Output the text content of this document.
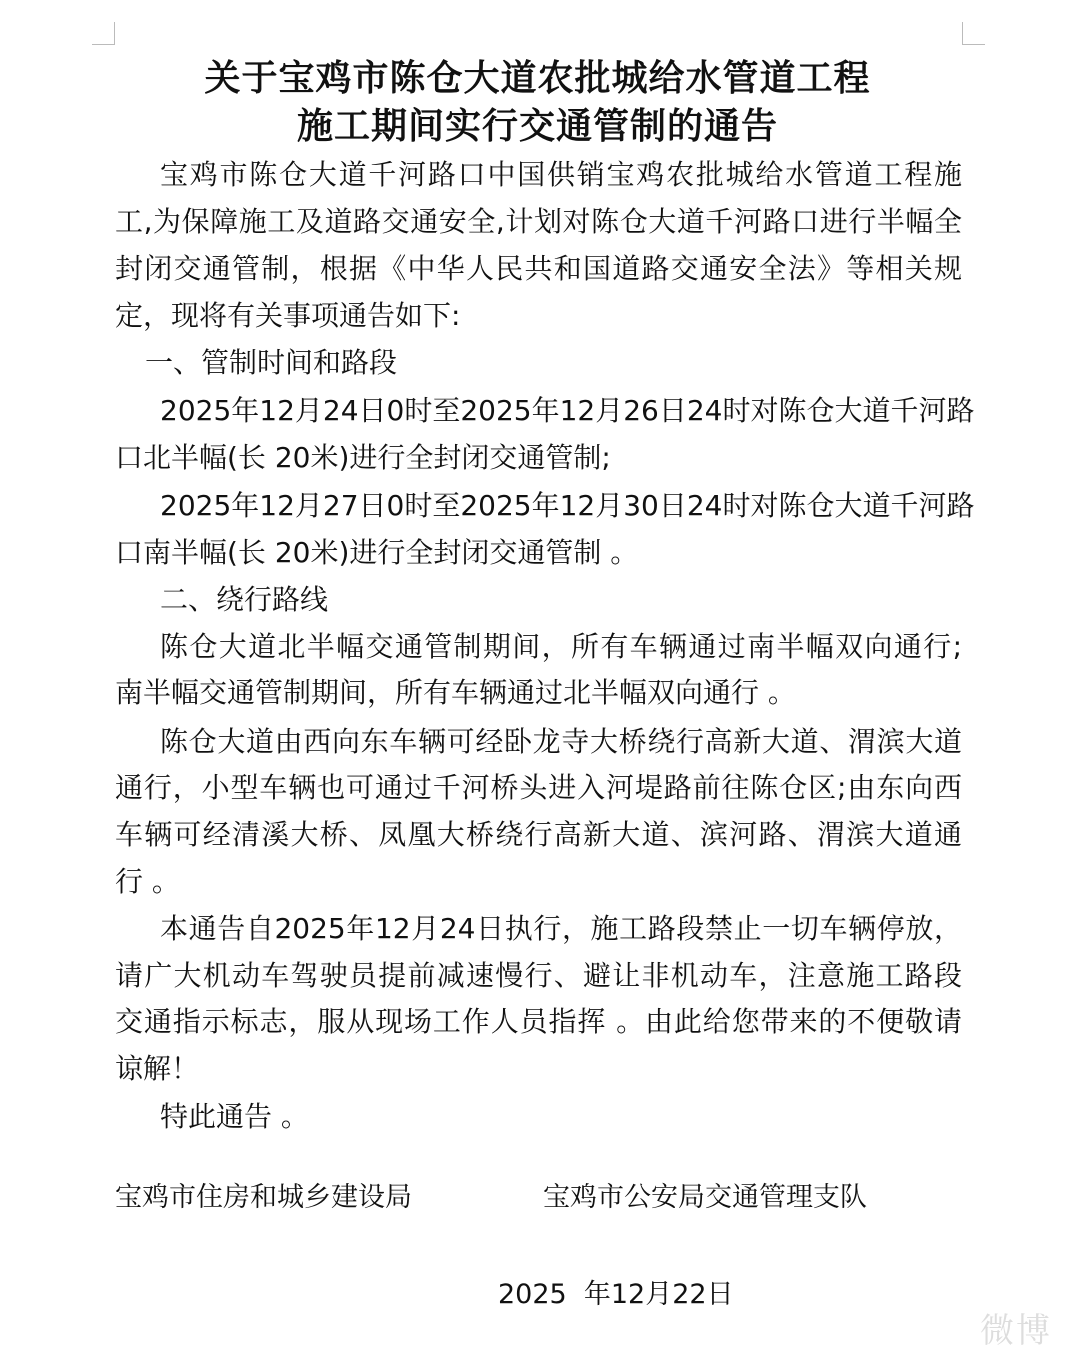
关于宝鸡市陈仓大道农批城给水管道工程
施工期间实行交通管制的通告
宝鸡市陈仓大道千河路口中国供销宝鸡农批城给水管道工程施
工,为保障施工及道路交通安全,计划对陈仓大道千河路口进行半幅全
封闭交通管制，根据《中华人民共和国道路交通安全法》等相关规
定，现将有关事项通告如下:
一、管制时间和路段
2025年12月24日0时至2025年12月26日24时对陈仓大道千河路
口北半幅(长 20米)进行全封闭交通管制;
2025年12月27日0时至2025年12月30日24时对陈仓大道千河路
口南半幅(长 20米)进行全封闭交通管制 。
二、绕行路线
陈仓大道北半幅交通管制期间，所有车辆通过南半幅双向通行;
南半幅交通管制期间，所有车辆通过北半幅双向通行 。
陈仓大道由西向东车辆可经卧龙寺大桥绕行高新大道、渭滨大道
通行，小型车辆也可通过千河桥头进入河堤路前往陈仓区;由东向西
车辆可经清溪大桥、凤凰大桥绕行高新大道、滨河路、渭滨大道通
行 。
本通告自2025年12月24日执行，施工路段禁止一切车辆停放，
请广大机动车驾驶员提前减速慢行、避让非机动车，注意施工路段
交通指示标志，服从现场工作人员指挥 。由此给您带来的不便敬请
谅解！
特此通告 。
宝鸡市住房和城乡建设局	宝鸡市公安局交通管理支队
2025  年12月22日
微博
